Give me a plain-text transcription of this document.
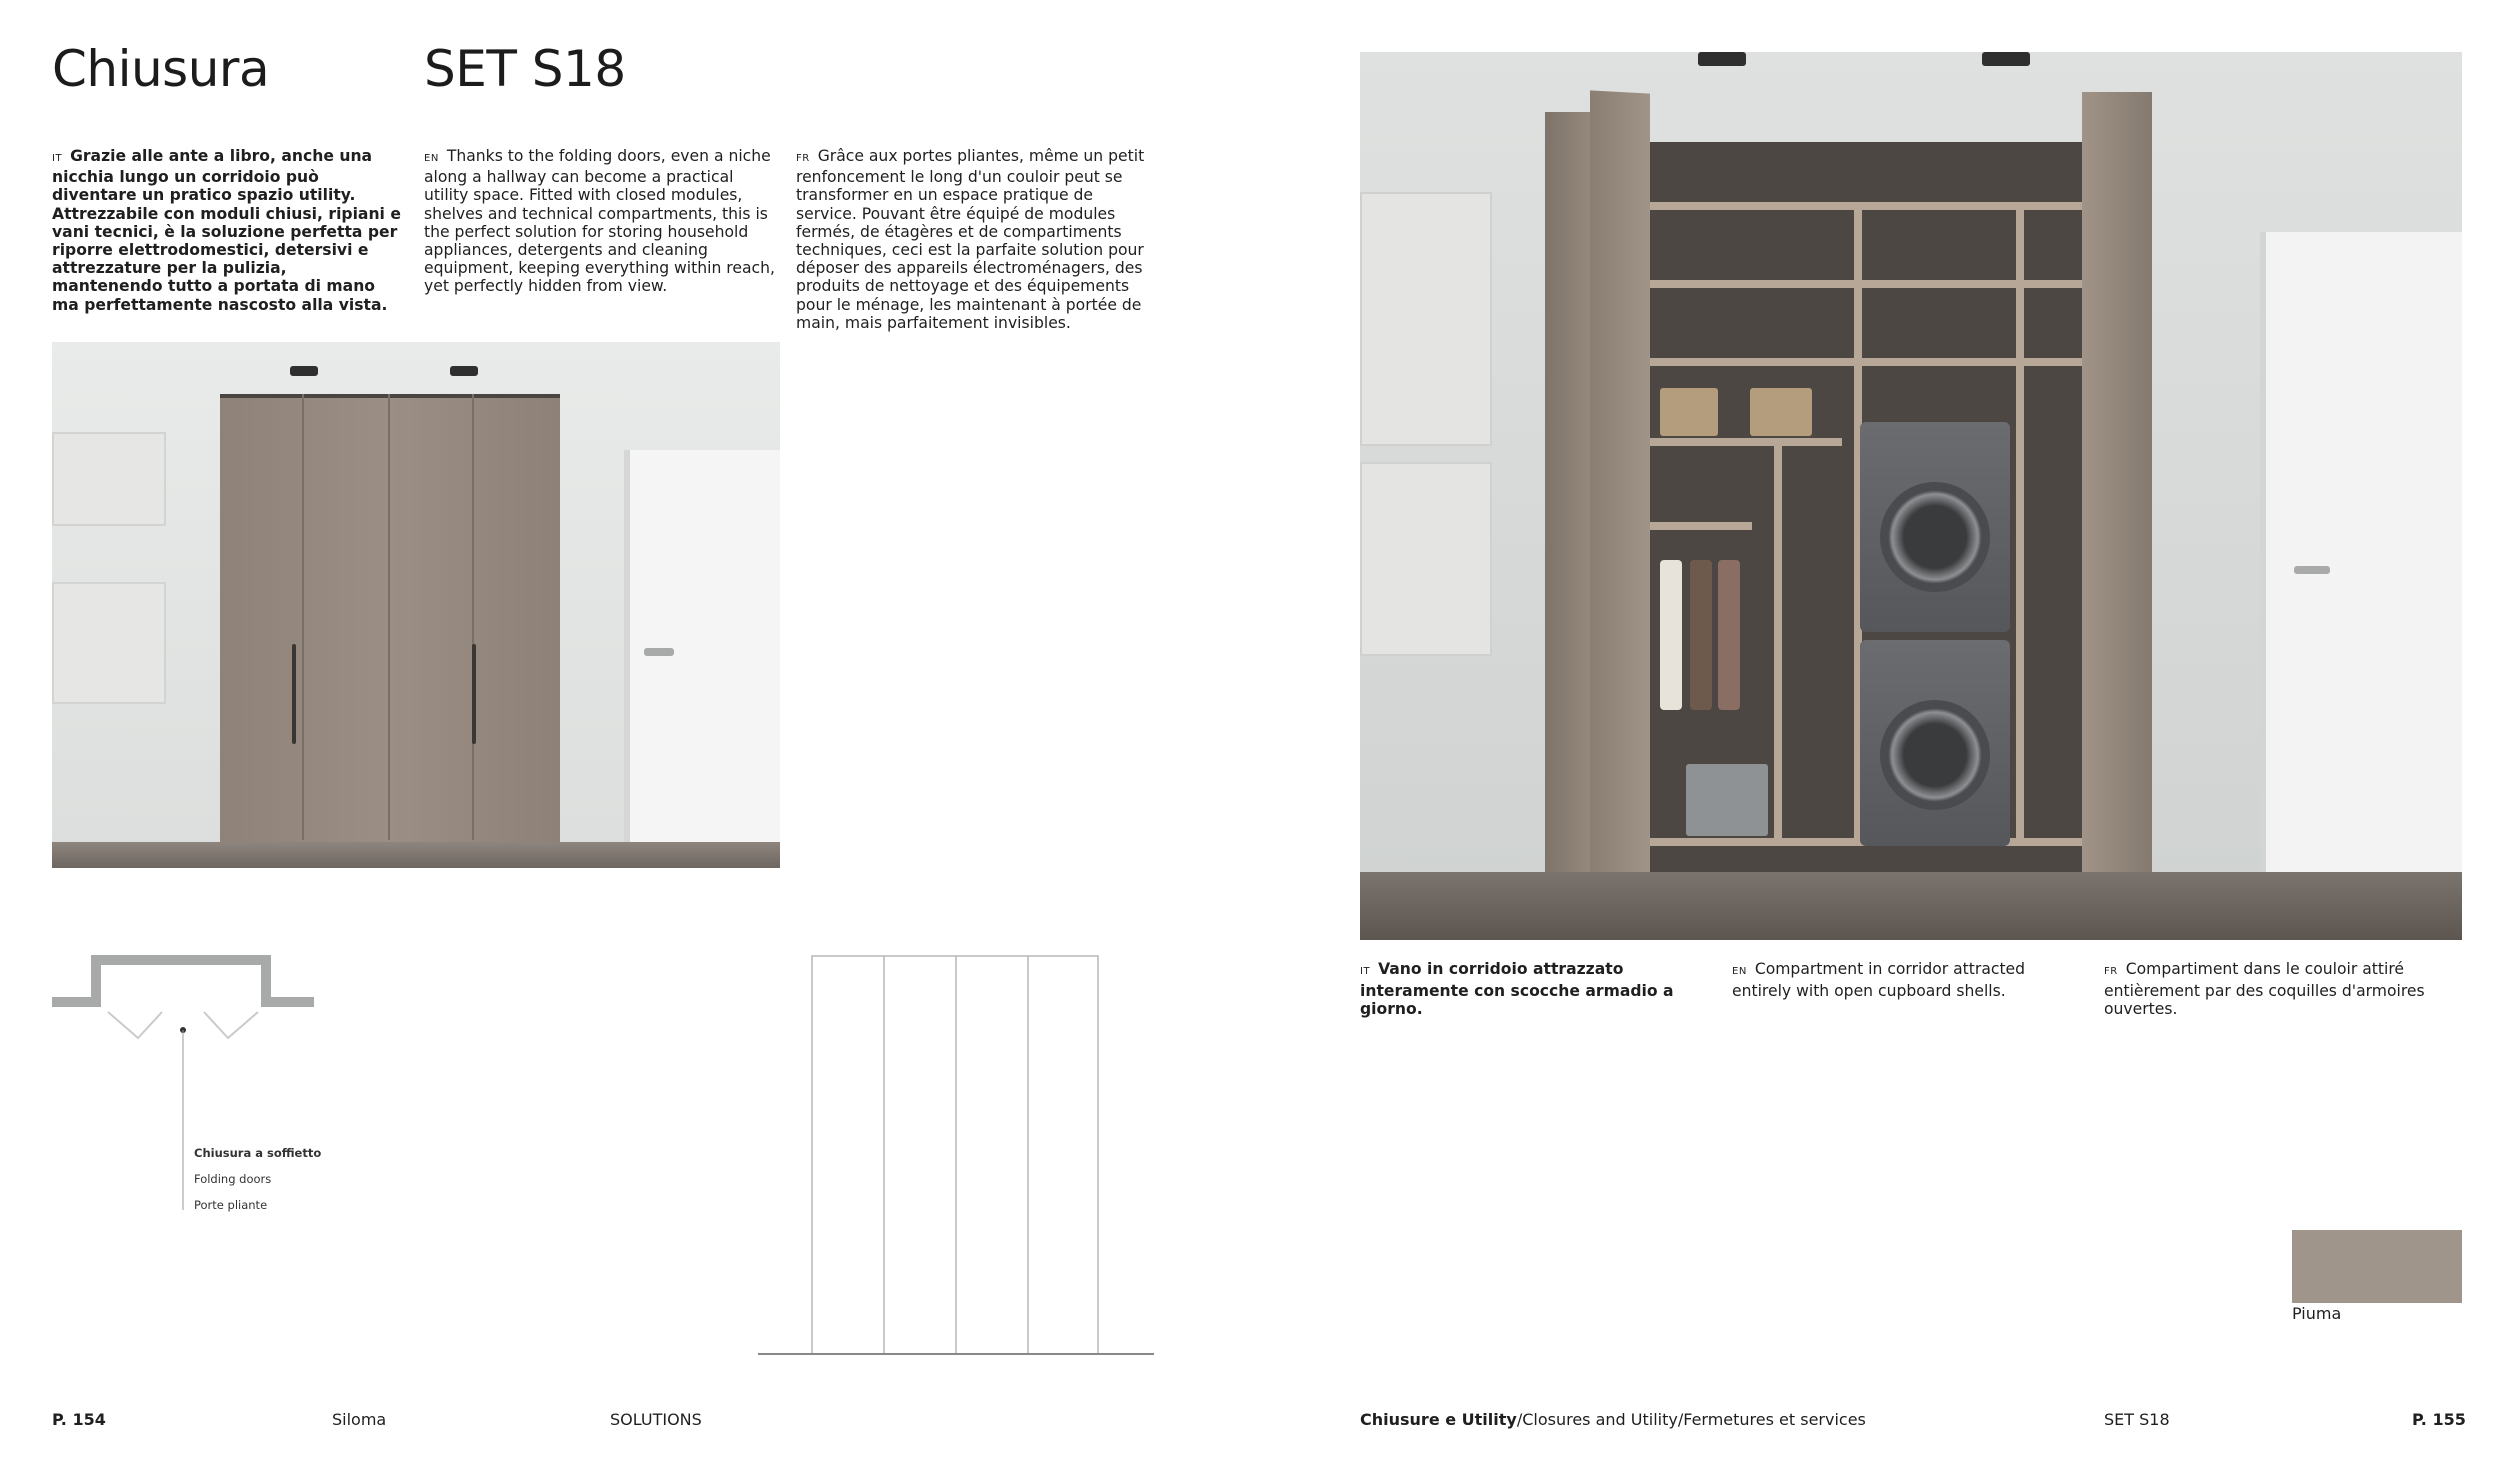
Chiusura	SET S18
IT Grazie alle ante a libro, anche una nicchia lungo un corridoio può diventare un pratico spazio utility. Attrezzabile con moduli chiusi, ripiani e vani tecnici, è la soluzione perfetta per riporre elettrodomestici, detersivi e attrezzature per la pulizia, mantenendo tutto a portata di mano ma perfettamente nascosto alla vista.
EN Thanks to the folding doors, even a niche along a hallway can become a practical utility space. Fitted with closed modules, shelves and technical compartments, this is the perfect solution for storing household appliances, detergents and cleaning equipment, keeping everything within reach, yet perfectly hidden from view.
FR Grâce aux portes pliantes, même un petit renfoncement le long d'un couloir peut se transformer en un espace pratique de service. Pouvant être équipé de modules fermés, de étagères et de compartiments techniques, ceci est la parfaite solution pour déposer des appareils électroménagers, des produits de nettoyage et des équipements pour le ménage, les maintenant à portée de main, mais parfaitement invisibles.
Chiusura a soffietto
Folding doors
Porte pliante
P. 154	Siloma	SOLUTIONS
IT Vano in corridoio attrazzato interamente con scocche armadio a giorno.
EN Compartment in corridor attracted entirely with open cupboard shells.
FR Compartiment dans le couloir attiré entièrement par des coquilles d'armoires ouvertes.
Piuma
Chiusure e Utility/Closures and Utility/Fermetures et services	SET S18	P. 155
